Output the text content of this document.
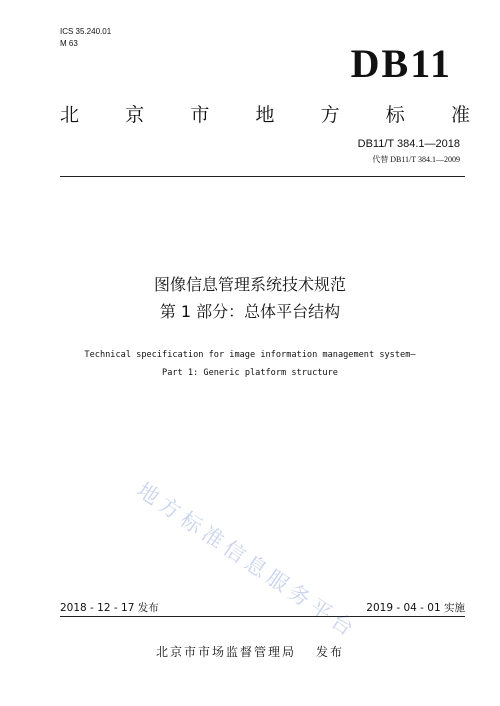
ICS 35.240.01
M 63	DB11
北 京 市 地 方 标 准
DB11/T 384.1—2018
代替 DB11/T 384.1—2009
图像信息管理系统技术规范
第 1 部分：总体平台结构
Technical specification for image information management system—
Part 1: Generic platform structure
地方标准信息服务平台
2018 - 12 - 17 发布	2019 - 04 - 01 实施
北京市市场监督管理局 发布
